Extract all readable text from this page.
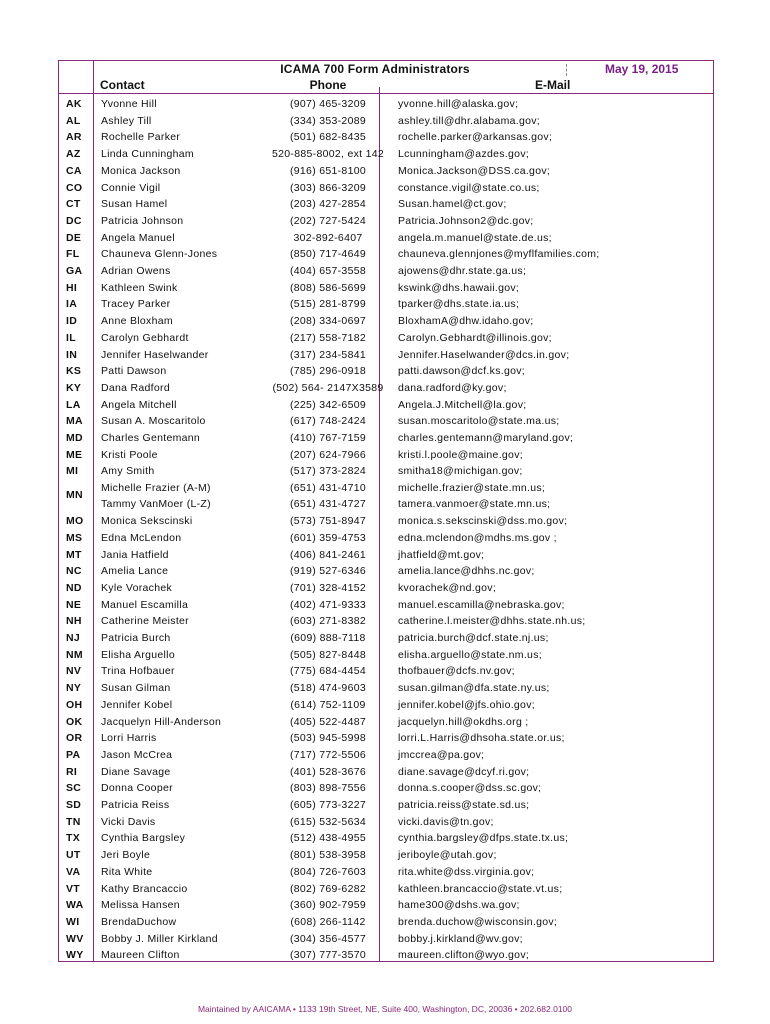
ICAMA 700 Form Administrators	May 19, 2015
Contact	Phone	E-Mail
AK Yvonne Hill	(907) 465-3209	yvonne.hill@alaska.gov;
AL Ashley Till	(334) 353-2089	ashley.till@dhr.alabama.gov;
AR Rochelle Parker	(501) 682-8435	rochelle.parker@arkansas.gov;
AZ Linda Cunningham	520-885-8002, ext 142	Lcunningham@azdes.gov;
CA Monica Jackson	(916) 651-8100	Monica.Jackson@DSS.ca.gov;
CO Connie Vigil	(303) 866-3209	constance.vigil@state.co.us;
CT Susan Hamel	(203) 427-2854	Susan.hamel@ct.gov;
DC Patricia Johnson	(202) 727-5424	Patricia.Johnson2@dc.gov;
DE Angela Manuel	302-892-6407	angela.m.manuel@state.de.us;
FL Chauneva Glenn-Jones	(850) 717-4649	chauneva.glennjones@myflfamilies.com;
GA Adrian Owens	(404) 657-3558	ajowens@dhr.state.ga.us;
HI Kathleen Swink	(808) 586-5699	kswink@dhs.hawaii.gov;
IA Tracey Parker	(515) 281-8799	tparker@dhs.state.ia.us;
ID Anne Bloxham	(208) 334-0697	BloxhamA@dhw.idaho.gov;
IL Carolyn Gebhardt	(217) 558-7182	Carolyn.Gebhardt@illinois.gov;
IN Jennifer Haselwander	(317) 234-5841	Jennifer.Haselwander@dcs.in.gov;
KS Patti Dawson	(785) 296-0918	patti.dawson@dcf.ks.gov;
KY Dana Radford	(502) 564- 2147X3589	dana.radford@ky.gov;
LA Angela Mitchell	(225) 342-6509	Angela.J.Mitchell@la.gov;
MA Susan A. Moscaritolo	(617) 748-2424	susan.moscaritolo@state.ma.us;
MD Charles Gentemann	(410) 767-7159	charles.gentemann@maryland.gov;
ME Kristi Poole	(207) 624-7966	kristi.l.poole@maine.gov;
MI Amy Smith	(517) 373-2824	smitha18@michigan.gov;
MN
Michelle Frazier (A-M)	(651) 431-4710	michelle.frazier@state.mn.us;
Tammy VanMoer (L-Z)	(651) 431-4727	tamera.vanmoer@state.mn.us;
MO Monica Sekscinski	(573) 751-8947	monica.s.sekscinski@dss.mo.gov;
MS Edna McLendon	(601) 359-4753	edna.mclendon@mdhs.ms.gov ;
MT Jania Hatfield	(406) 841-2461	jhatfield@mt.gov;
NC Amelia Lance	(919) 527-6346	amelia.lance@dhhs.nc.gov;
ND Kyle Vorachek	(701) 328-4152	kvorachek@nd.gov;
NE Manuel Escamilla	(402) 471-9333	manuel.escamilla@nebraska.gov;
NH Catherine Meister	(603) 271-8382	catherine.l.meister@dhhs.state.nh.us;
NJ Patricia Burch	(609) 888-7118	patricia.burch@dcf.state.nj.us;
NM Elisha Arguello	(505) 827-8448	elisha.arguello@state.nm.us;
NV Trina Hofbauer	(775) 684-4454	thofbauer@dcfs.nv.gov;
NY Susan Gilman	(518) 474-9603	susan.gilman@dfa.state.ny.us;
OH Jennifer Kobel	(614) 752-1109	jennifer.kobel@jfs.ohio.gov;
OK Jacquelyn Hill-Anderson	(405) 522-4487	jacquelyn.hill@okdhs.org ;
OR Lorri Harris	(503) 945-5998	lorri.L.Harris@dhsoha.state.or.us;
PA Jason McCrea	(717) 772-5506	jmccrea@pa.gov;
RI Diane Savage	(401) 528-3676	diane.savage@dcyf.ri.gov;
SC Donna Cooper	(803) 898-7556	donna.s.cooper@dss.sc.gov;
SD Patricia Reiss	(605) 773-3227	patricia.reiss@state.sd.us;
TN Vicki Davis	(615) 532-5634	vicki.davis@tn.gov;
TX Cynthia Bargsley	(512) 438-4955	cynthia.bargsley@dfps.state.tx.us;
UT Jeri Boyle	(801) 538-3958	jeriboyle@utah.gov;
VA Rita White	(804) 726-7603	rita.white@dss.virginia.gov;
VT Kathy Brancaccio	(802) 769-6282	kathleen.brancaccio@state.vt.us;
WA Melissa Hansen	(360) 902-7959	hame300@dshs.wa.gov;
WI BrendaDuchow	(608) 266-1142	brenda.duchow@wisconsin.gov;
WV Bobby J. Miller Kirkland	(304) 356-4577	bobby.j.kirkland@wv.gov;
WY Maureen Clifton	(307) 777-3570	maureen.clifton@wyo.gov;
Maintained by AAICAMA • 1133 19th Street, NE, Suite 400, Washington, DC, 20036 • 202.682.0100
